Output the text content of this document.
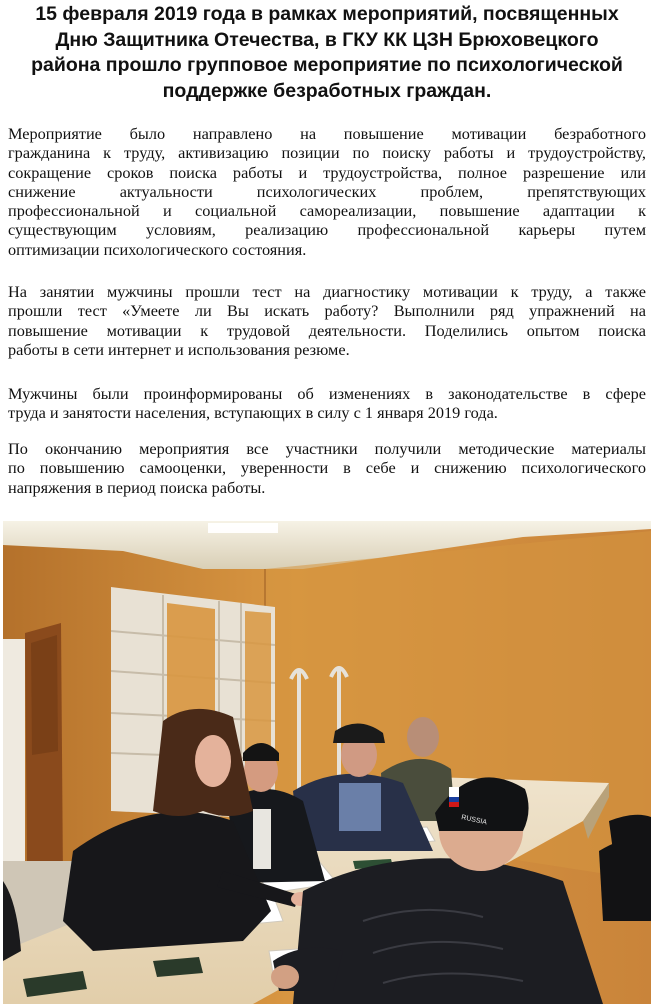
15 февраля 2019 года в рамках мероприятий, посвященных
Дню Защитника Отечества, в ГКУ КК ЦЗН Брюховецкого
района прошло групповое мероприятие по психологической
поддержке безработных граждан.
Мероприятие было направлено на повышение мотивации безработного
гражданина к труду, активизацию позиции по поиску работы и трудоустройству,
сокращение сроков поиска работы и трудоустройства, полное разрешение или
снижение актуальности психологических проблем, препятствующих
профессиональной и социальной самореализации, повышение адаптации к
существующим условиям, реализацию профессиональной карьеры путем
оптимизации психологического состояния.
На занятии мужчины прошли тест на диагностику мотивации к труду, а также
прошли тест «Умеете ли Вы искать работу? Выполнили ряд упражнений на
повышение мотивации к трудовой деятельности. Поделились опытом поиска
работы в сети интернет и использования резюме.
Мужчины были проинформированы об изменениях в законодательстве в сфере
труда и занятости населения, вступающих в силу с 1 января 2019 года.
По окончанию мероприятия все участники получили методические материалы
по повышению самооценки, уверенности в себе и снижению психологического
напряжения в период поиска работы.
RUSSIA
